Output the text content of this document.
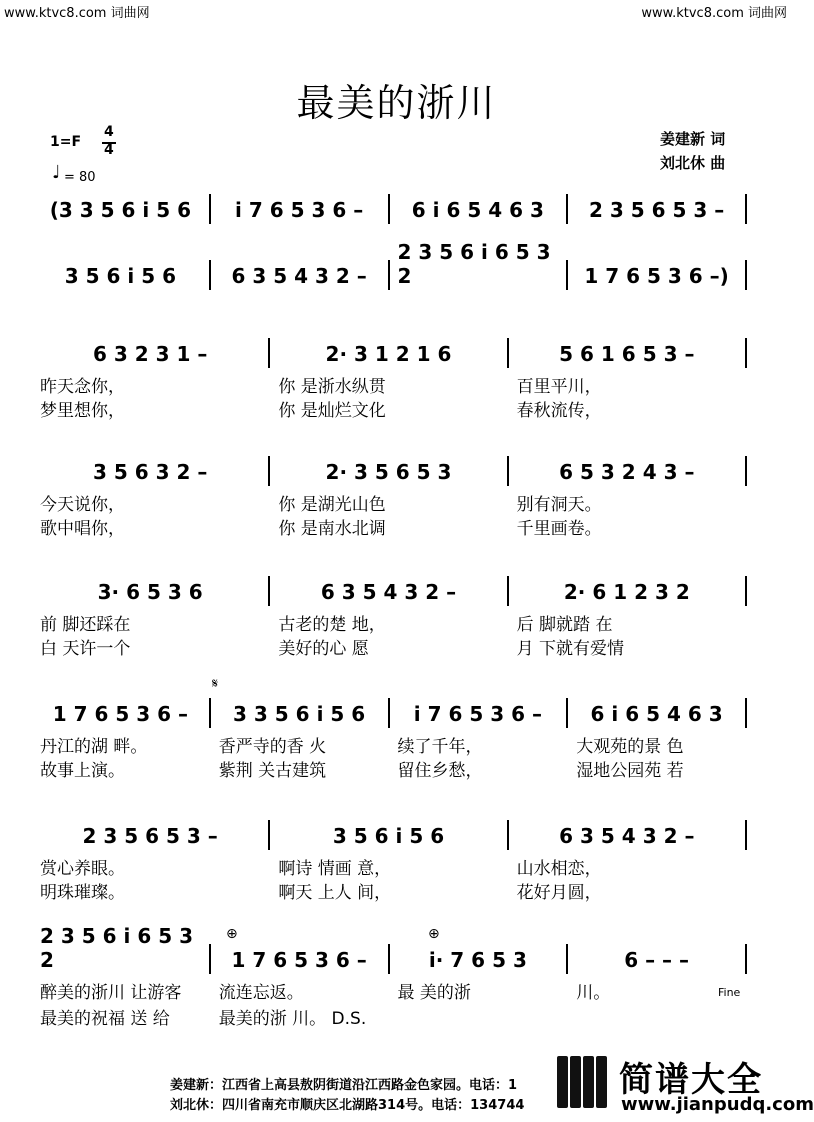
www.ktvc8.com 词曲网	www.ktvc8.com 词曲网
最美的浙川
1=F
4
4
♩ = 80
姜建新 词
刘北休 曲
(3 3 5 6 i 5 6	i 7 6 5 3 6 –	6 i 6 5 4 6 3	2 3 5 6 5 3 –
3 5 6 i 5 6	6 3 5 4 3 2 –
2 3 5 6 i 6 5 3 2	1 7 6 5 3 6 –)
6 3 2 3 1 –	2· 3 1 2 1 6	5 6 1 6 5 3 –
昨天念你，	你 是浙水纵贯	百里平川，
梦里想你，	你 是灿烂文化	春秋流传，
3 5 6 3 2 –	2· 3 5 6 5 3	6 5 3 2 4 3 –
今天说你，	你 是湖光山色	别有洞天。
歌中唱你，	你 是南水北调	千里画卷。
3· 6 5 3 6	6 3 5 4 3 2 –	2· 6 1 2 3 2
前 脚还踩在	古老的楚 地，	后 脚就踏 在
白 天许一个	美好的心 愿	月 下就有爱情
1 7 6 5 3 6 –	3 3 5 6 i 5 6	i 7 6 5 3 6 –	6 i 6 5 4 6 3
丹江的湖 畔。	香严寺的香 火	续了千年，	大观苑的景 色
故事上演。	紫荆 关古建筑	留住乡愁，	湿地公园苑 若
2 3 5 6 5 3 –	3 5 6 i 5 6	6 3 5 4 3 2 –
赏心养眼。	啊诗 情画 意，	山水相恋，
明珠璀璨。	啊天 上人 间，	花好月圆，
2 3 5 6 i 6 5 3 2	1 7 6 5 3 6 –	i· 7 6 5 3	6 – – –
醉美的浙川 让游客	流连忘返。	最 美的浙	川。
最美的祝福 送 给	最美的浙 川。 D.S.
𝄋
⊕	⊕
Fine
姜建新：江西省上高县敖阴街道沿江西路金色家园。电话：1
刘北休：四川省南充市顺庆区北湖路314号。电话：134744
简谱大全
www.jianpudq.com
